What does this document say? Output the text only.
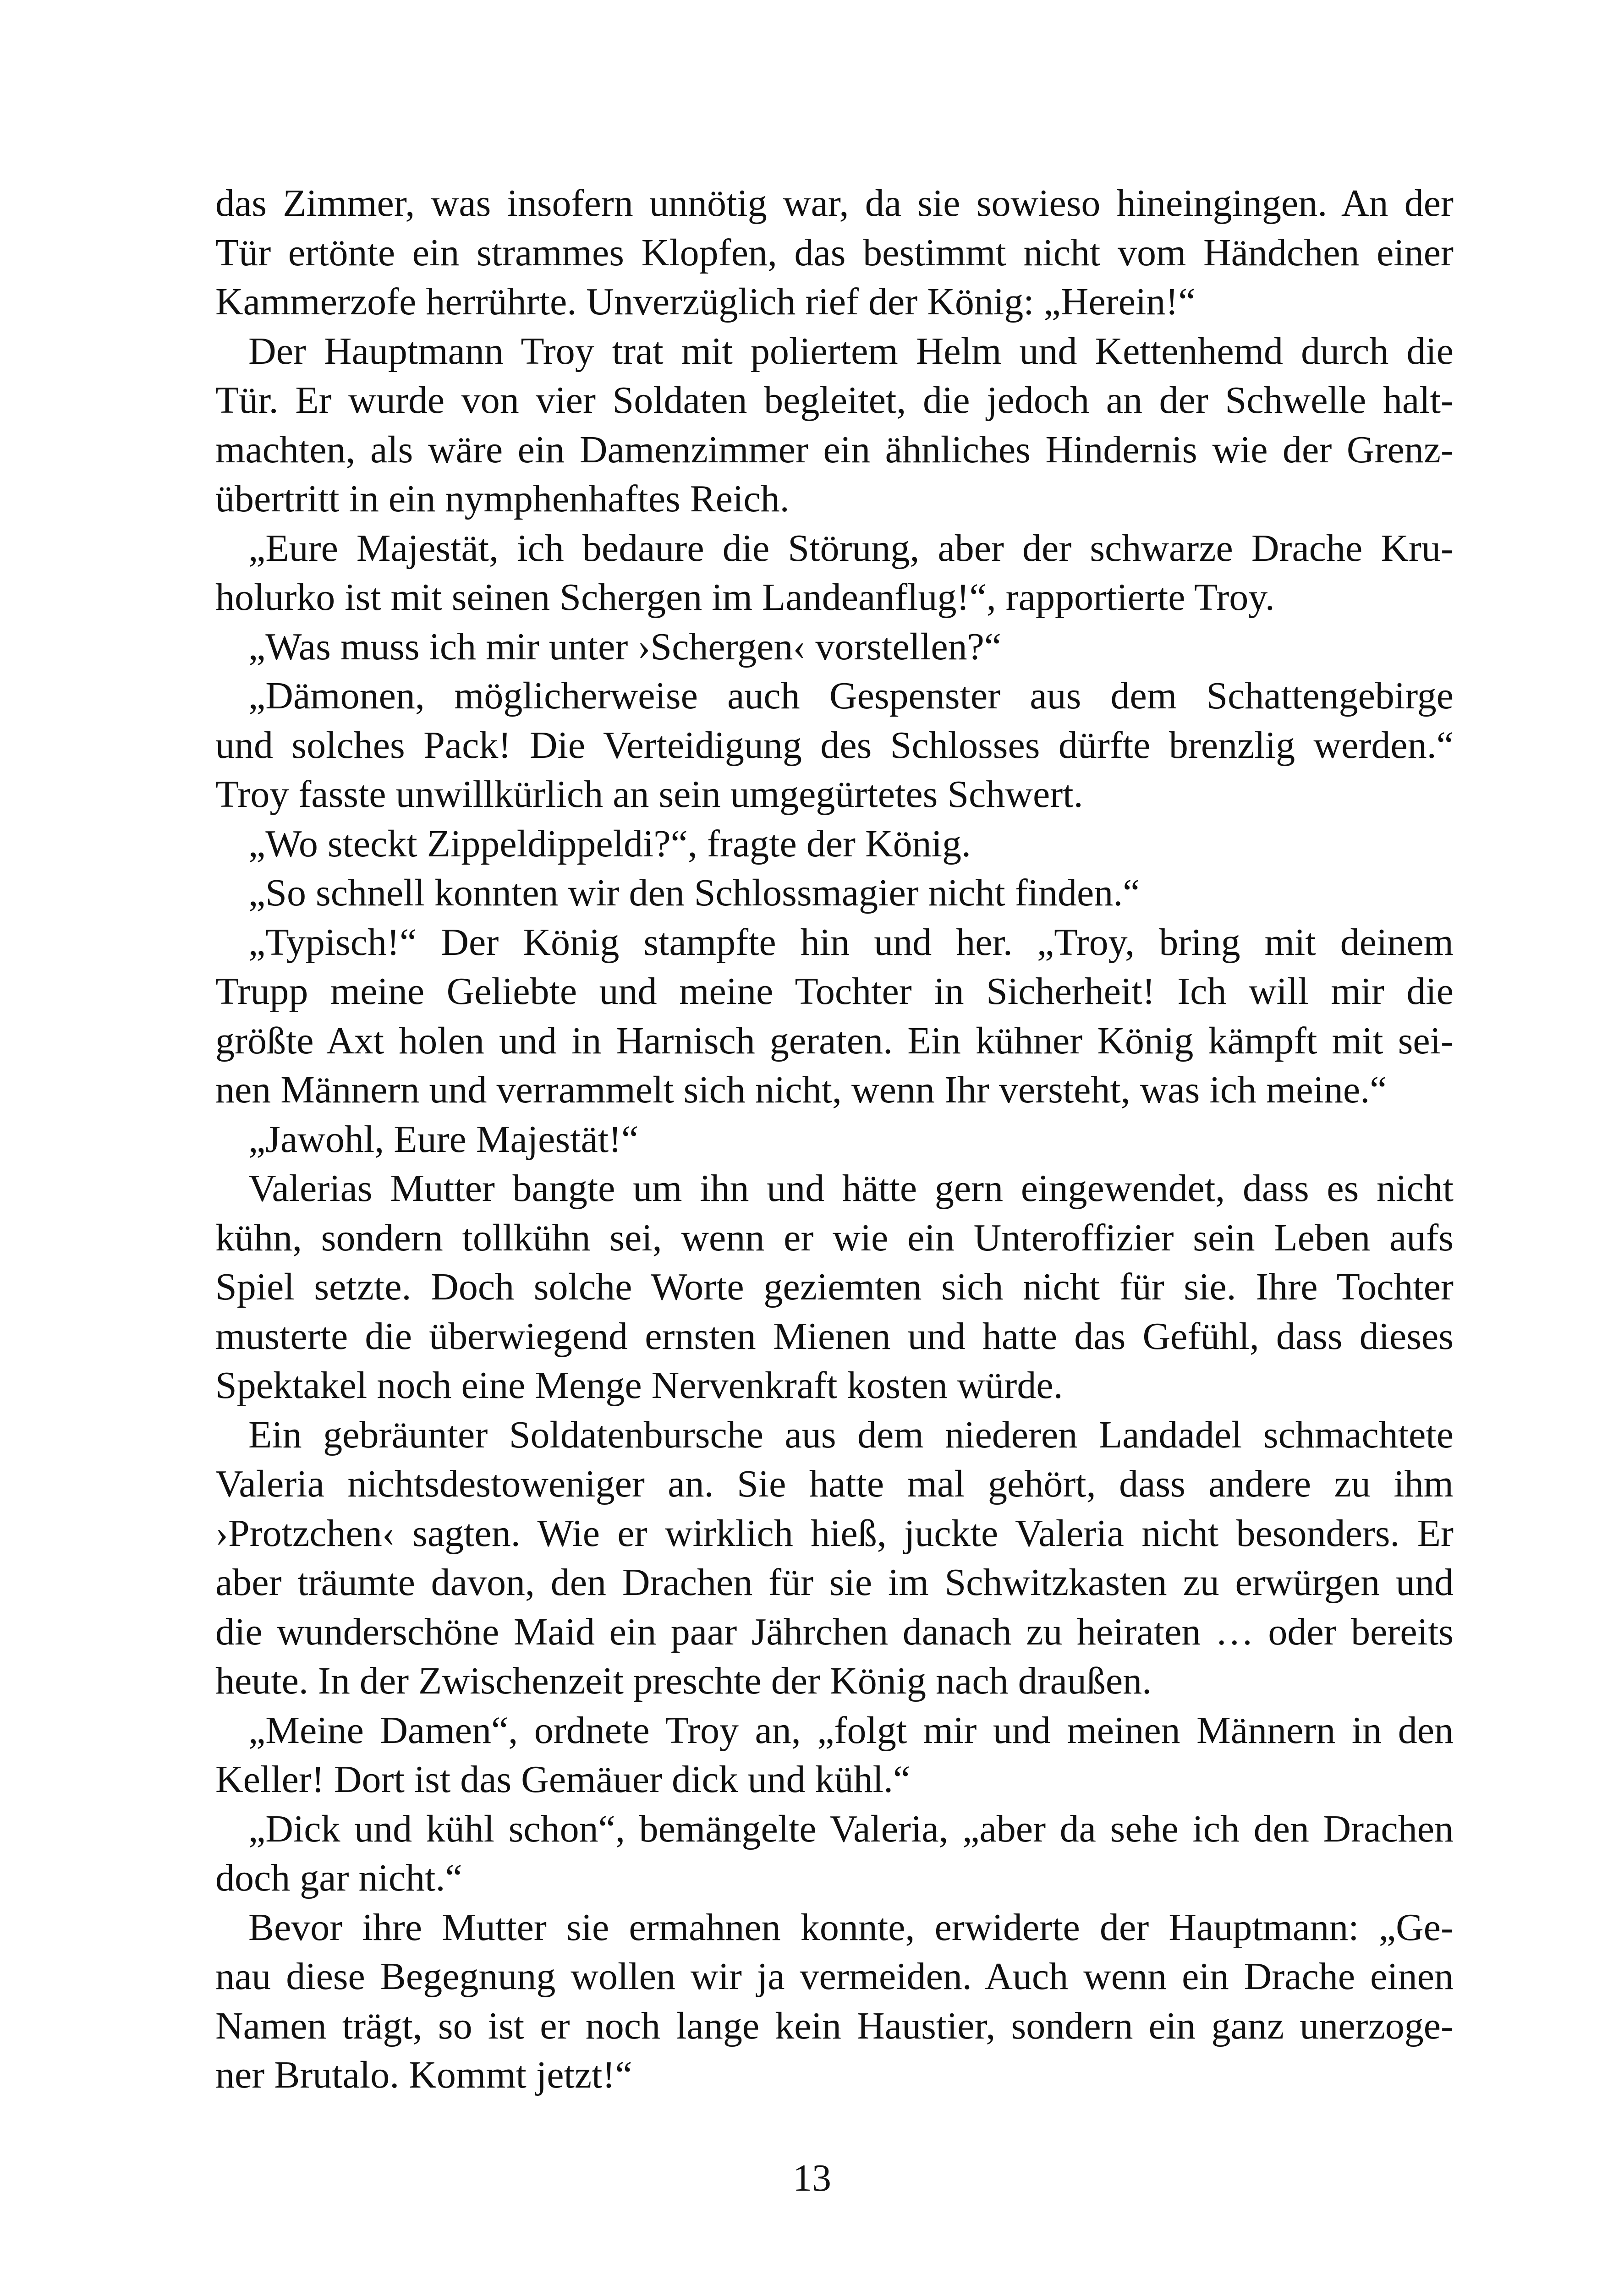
das Zimmer, was insofern unnötig war, da sie sowieso hineingingen. An der
Tür ertönte ein strammes Klopfen, das bestimmt nicht vom Händchen einer
Kammerzofe herrührte. Unverzüglich rief der König: „Herein!“
Der Hauptmann Troy trat mit poliertem Helm und Kettenhemd durch die
Tür. Er wurde von vier Soldaten begleitet, die jedoch an der Schwelle halt-
machten, als wäre ein Damenzimmer ein ähnliches Hindernis wie der Grenz-
übertritt in ein nymphenhaftes Reich.
„Eure Majestät, ich bedaure die Störung, aber der schwarze Drache Kru-
holurko ist mit seinen Schergen im Landeanflug!“, rapportierte Troy.
„Was muss ich mir unter ›Schergen‹ vorstellen?“
„Dämonen, möglicherweise auch Gespenster aus dem Schattengebirge
und solches Pack! Die Verteidigung des Schlosses dürfte brenzlig werden.“
Troy fasste unwillkürlich an sein umgegürtetes Schwert.
„Wo steckt Zippeldippeldi?“, fragte der König.
„So schnell konnten wir den Schlossmagier nicht finden.“
„Typisch!“ Der König stampfte hin und her. „Troy, bring mit deinem
Trupp meine Geliebte und meine Tochter in Sicherheit! Ich will mir die
größte Axt holen und in Harnisch geraten. Ein kühner König kämpft mit sei-
nen Männern und verrammelt sich nicht, wenn Ihr versteht, was ich meine.“
„Jawohl, Eure Majestät!“
Valerias Mutter bangte um ihn und hätte gern eingewendet, dass es nicht
kühn, sondern tollkühn sei, wenn er wie ein Unteroffizier sein Leben aufs
Spiel setzte. Doch solche Worte geziemten sich nicht für sie. Ihre Tochter
musterte die überwiegend ernsten Mienen und hatte das Gefühl, dass dieses
Spektakel noch eine Menge Nervenkraft kosten würde.
Ein gebräunter Soldatenbursche aus dem niederen Landadel schmachtete
Valeria nichtsdestoweniger an. Sie hatte mal gehört, dass andere zu ihm
›Protzchen‹ sagten. Wie er wirklich hieß, juckte Valeria nicht besonders. Er
aber träumte davon, den Drachen für sie im Schwitzkasten zu erwürgen und
die wunderschöne Maid ein paar Jährchen danach zu heiraten … oder bereits
heute. In der Zwischenzeit preschte der König nach draußen.
„Meine Damen“, ordnete Troy an, „folgt mir und meinen Männern in den
Keller! Dort ist das Gemäuer dick und kühl.“
„Dick und kühl schon“, bemängelte Valeria, „aber da sehe ich den Drachen
doch gar nicht.“
Bevor ihre Mutter sie ermahnen konnte, erwiderte der Hauptmann: „Ge-
nau diese Begegnung wollen wir ja vermeiden. Auch wenn ein Drache einen
Namen trägt, so ist er noch lange kein Haustier, sondern ein ganz unerzoge-
ner Brutalo. Kommt jetzt!“
13
